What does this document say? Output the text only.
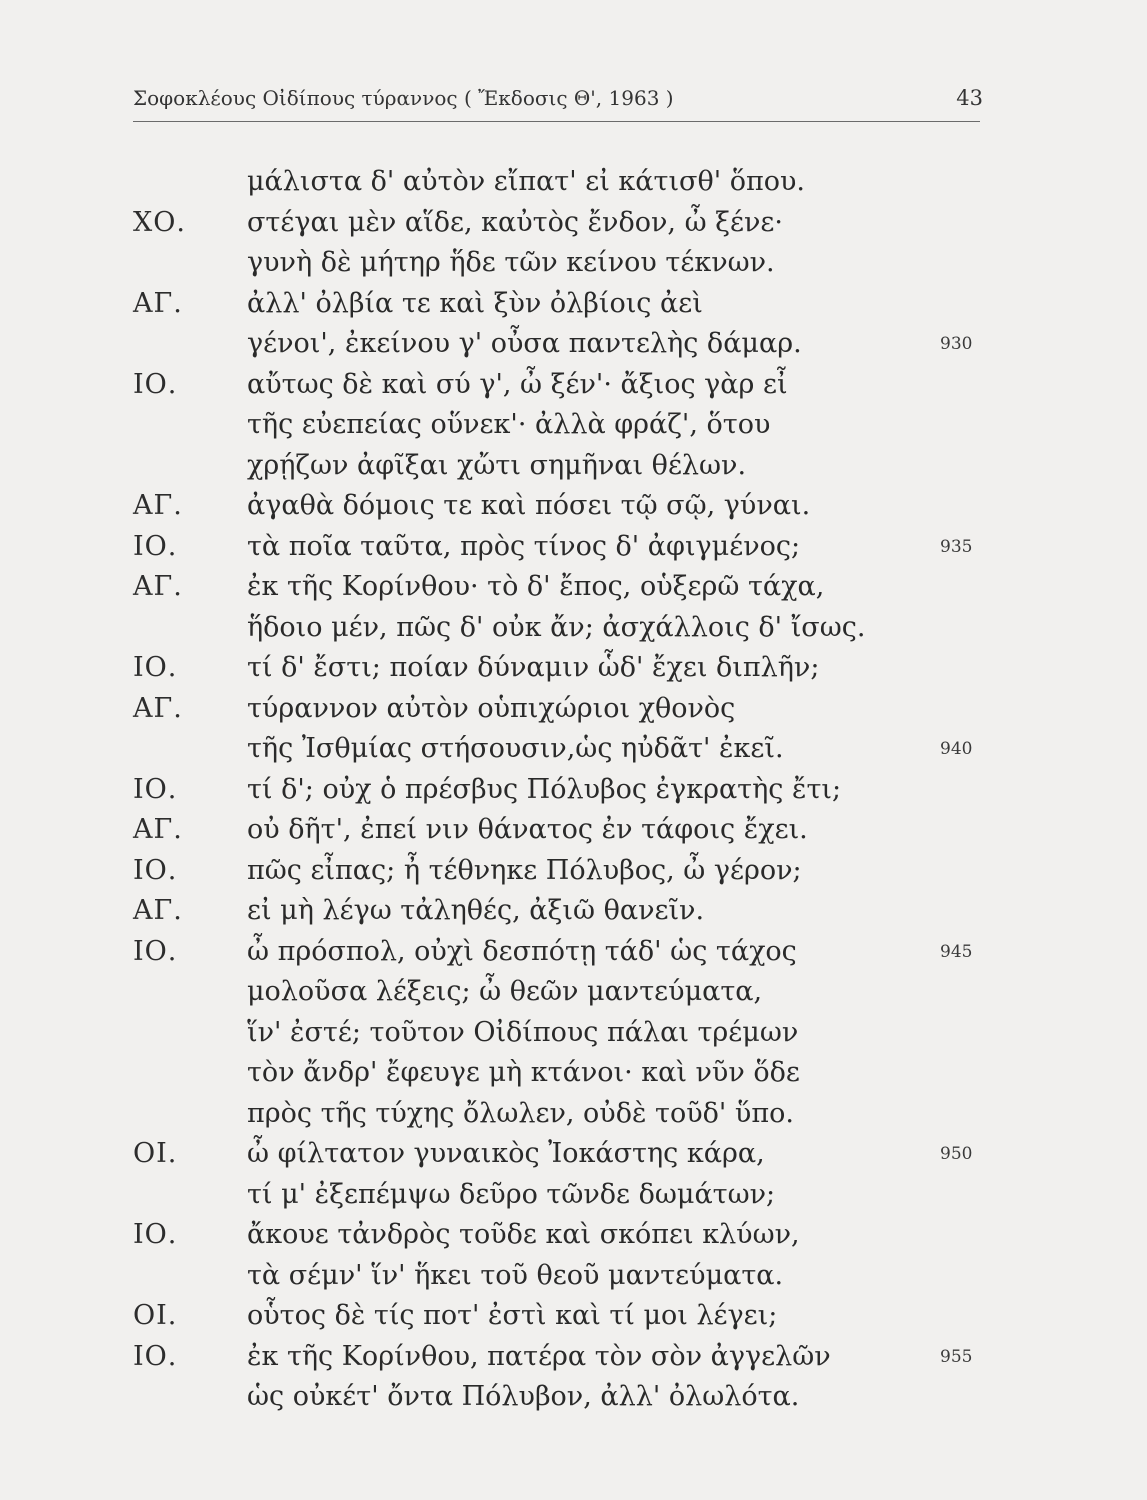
Σοφοκλέους Οἰδίπους τύραννος ( Ἔκδοσις Θ', 1963 )	43
μάλιστα δ' αὐτὸν εἴπατ' εἰ κάτισθ' ὅπου.
ΧΟ. στέγαι μὲν αἵδε, καὐτὸς ἔνδον, ὦ ξένε·
γυνὴ δὲ μήτηρ ἥδε τῶν κείνου τέκνων.
ΑΓ. ἀλλ' ὀλβία τε καὶ ξὺν ὀλβίοις ἀεὶ
γένοι', ἐκείνου γ' οὖσα παντελὴς δάμαρ.	930
ΙΟ.	αὔτως δὲ καὶ σύ γ', ὦ ξέν'· ἄξιος γὰρ εἶ
τῆς εὐεπείας οὕνεκ'· ἀλλὰ φράζ', ὅτου
χρῄζων ἀφῖξαι χὤτι σημῆναι θέλων.
ΑΓ. ἀγαθὰ δόμοις τε καὶ πόσει τῷ σῷ, γύναι.
ΙΟ.	τὰ ποῖα ταῦτα, πρὸς τίνος δ' ἀφιγμένος;	935
ΑΓ. ἐκ τῆς Κορίνθου· τὸ δ' ἔπος, οὑξερῶ τάχα,
ἥδοιο μέν, πῶς δ' οὐκ ἄν; ἀσχάλλοις δ' ἴσως.
ΙΟ.	τί δ' ἔστι; ποίαν δύναμιν ὧδ' ἔχει διπλῆν;
ΑΓ. τύραννον αὐτὸν οὑπιχώριοι χθονὸς
τῆς Ἰσθμίας στήσουσιν,ὡς ηὐδᾶτ' ἐκεῖ.	940
ΙΟ.	τί δ'; οὐχ ὁ πρέσβυς Πόλυβος ἐγκρατὴς ἔτι;
ΑΓ. οὐ δῆτ', ἐπεί νιν θάνατος ἐν τάφοις ἔχει.
ΙΟ.	πῶς εἶπας; ἦ τέθνηκε Πόλυβος, ὦ γέρον;
ΑΓ. εἰ μὴ λέγω τἀληθές, ἀξιῶ θανεῖν.
ΙΟ.	ὦ πρόσπολ, οὐχὶ δεσπότῃ τάδ' ὡς τάχος	945
μολοῦσα λέξεις; ὦ θεῶν μαντεύματα,
ἵν' ἐστέ; τοῦτον Οἰδίπους πάλαι τρέμων
τὸν ἄνδρ' ἔφευγε μὴ κτάνοι· καὶ νῦν ὅδε
πρὸς τῆς τύχης ὄλωλεν, οὐδὲ τοῦδ' ὕπο.
ΟΙ.	ὦ φίλτατον γυναικὸς Ἰοκάστης κάρα,	950
τί μ' ἐξεπέμψω δεῦρο τῶνδε δωμάτων;
ΙΟ.	ἄκουε τἀνδρὸς τοῦδε καὶ σκόπει κλύων,
τὰ σέμν' ἵν' ἥκει τοῦ θεοῦ μαντεύματα.
ΟΙ.	οὗτος δὲ τίς ποτ' ἐστὶ καὶ τί μοι λέγει;
ΙΟ.	ἐκ τῆς Κορίνθου, πατέρα τὸν σὸν ἀγγελῶν	955
ὡς οὐκέτ' ὄντα Πόλυβον, ἀλλ' ὀλωλότα.
